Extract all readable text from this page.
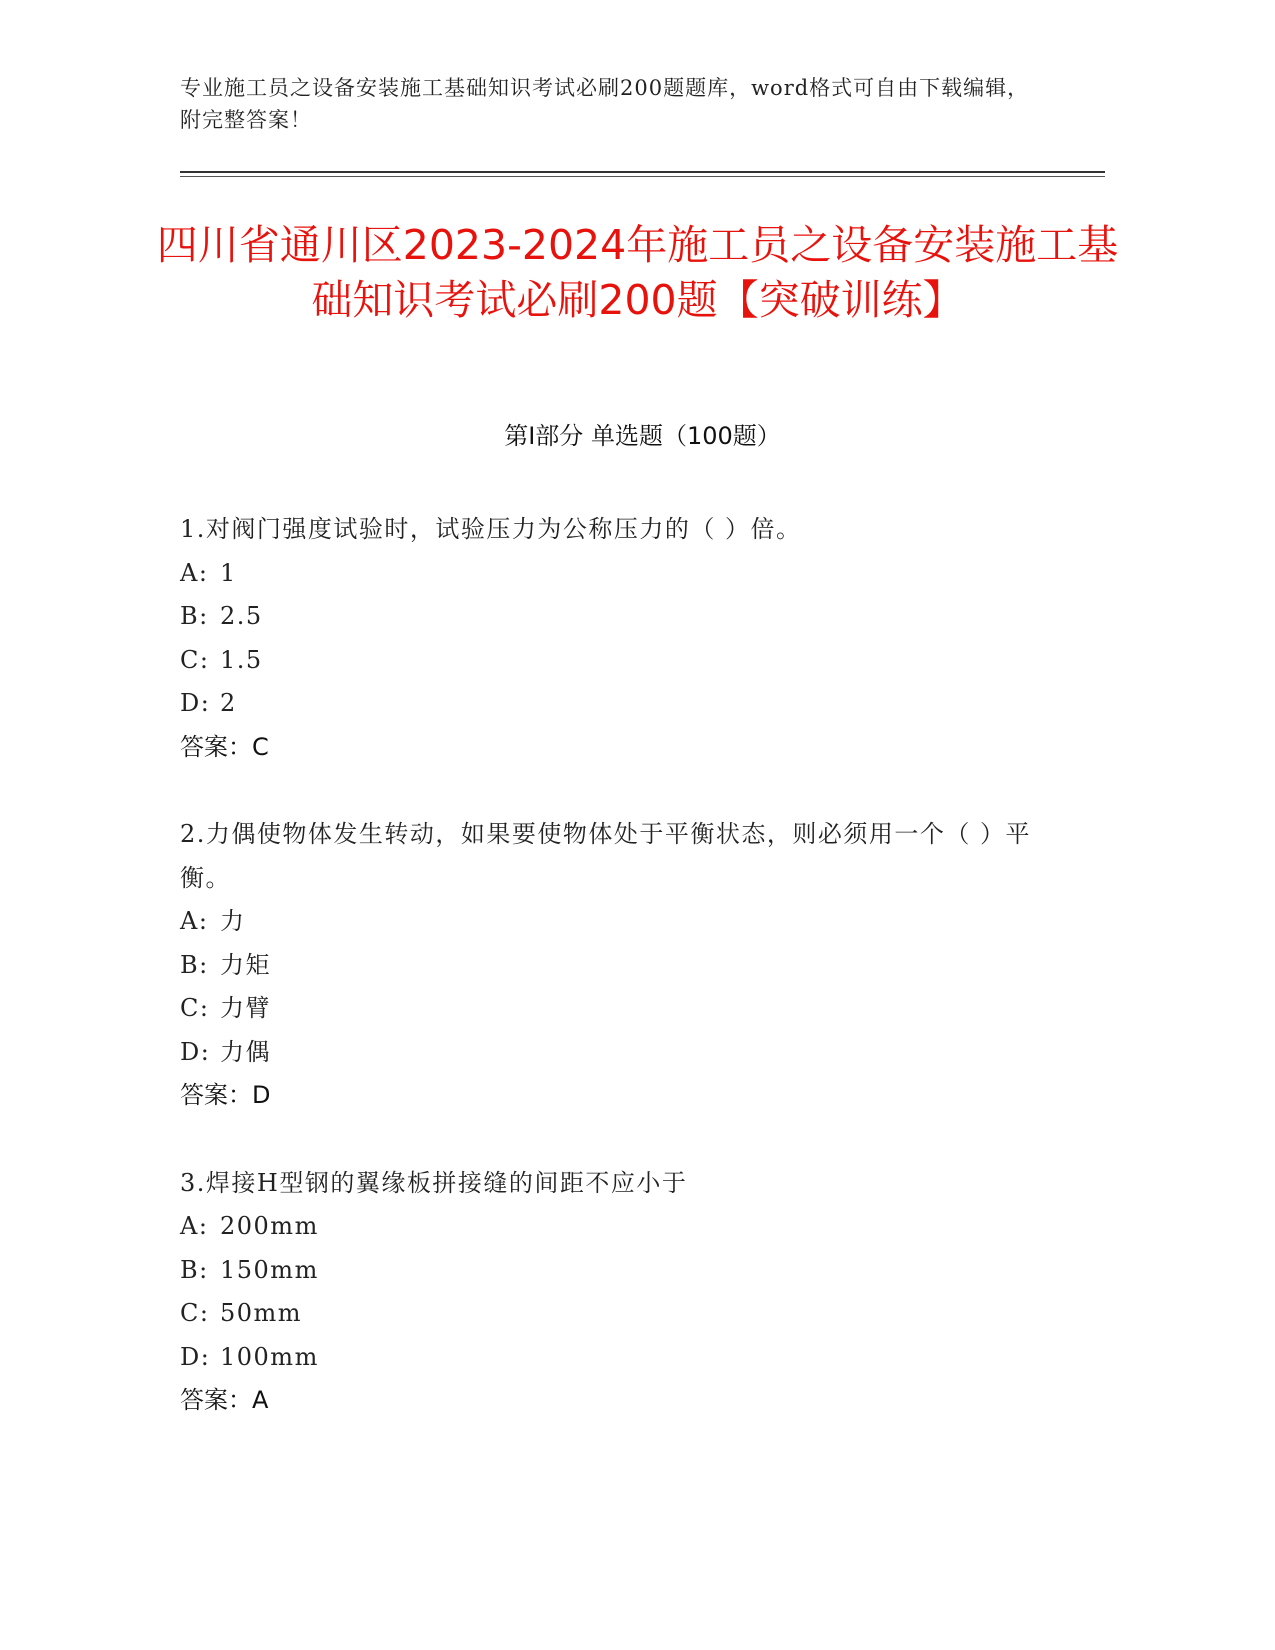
专业施工员之设备安装施工基础知识考试必刷200题题库，word格式可自由下载编辑，附完整答案！
四川省通川区2023-2024年施工员之设备安装施工基础知识考试必刷200题【突破训练】
第Ⅰ部分 单选题（100题）
1.对阀门强度试验时，试验压力为公称压力的（ ）倍。
A: 1
B: 2.5
C: 1.5
D: 2
答案：C
2.力偶使物体发生转动，如果要使物体处于平衡状态，则必须用一个（ ）平衡。
A: 力
B: 力矩
C: 力臂
D: 力偶
答案：D
3.焊接H型钢的翼缘板拼接缝的间距不应小于
A: 200mm
B: 150mm
C: 50mm
D: 100mm
答案：A
